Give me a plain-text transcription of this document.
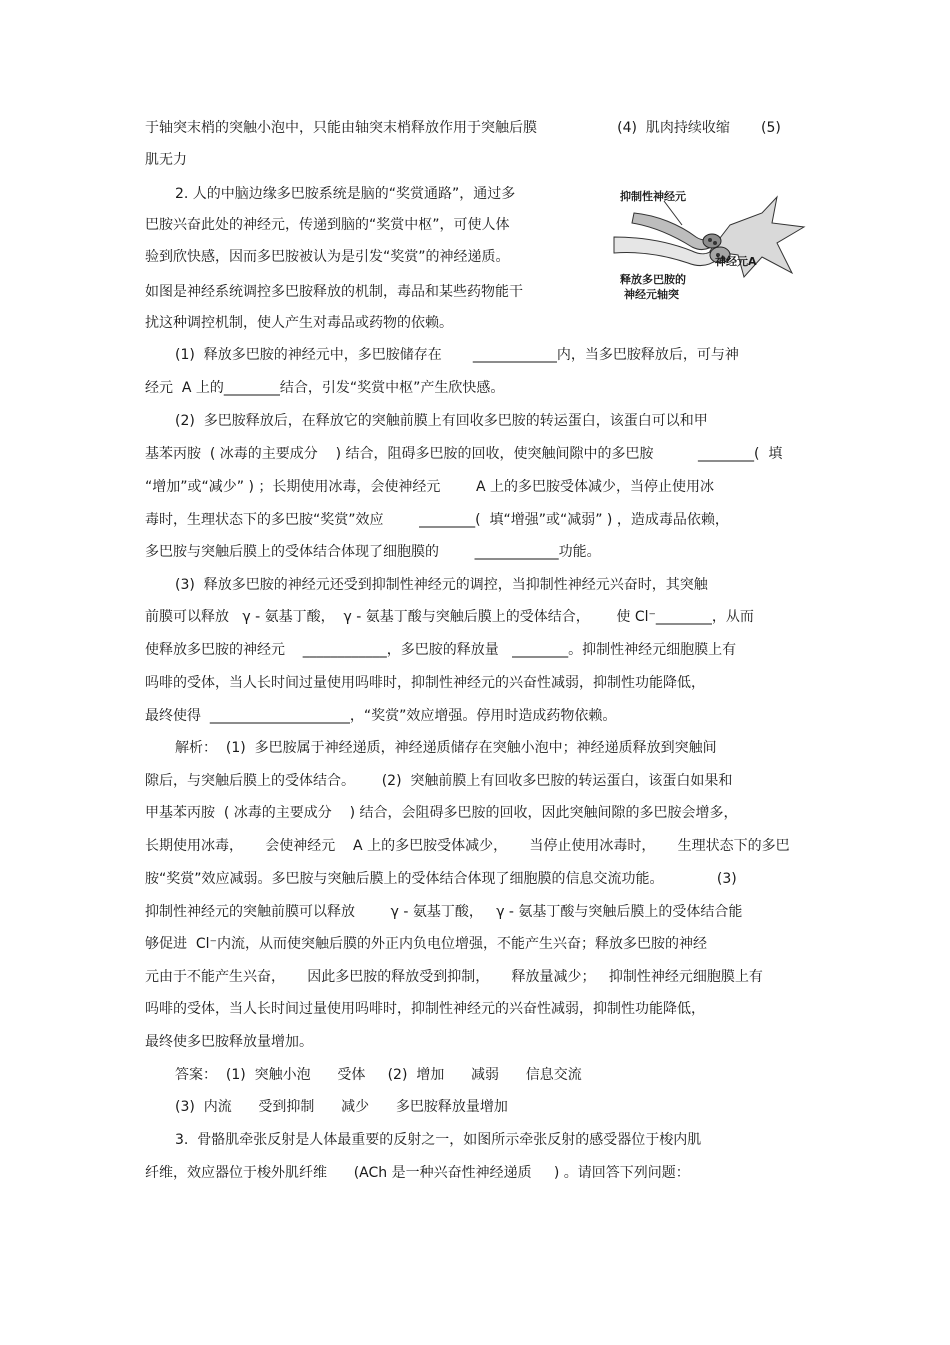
于轴突末梢的突触小泡中，只能由轴突末梢释放作用于突触后膜                  (4)  肌肉持续收缩       (5)
肌无力
2. 人的中脑边缘多巴胺系统是脑的“奖赏通路”，通过多
巴胺兴奋此处的神经元，传递到脑的“奖赏中枢”，可使人体
验到欣快感，因而多巴胺被认为是引发“奖赏”的神经递质。
如图是神经系统调控多巴胺释放的机制，毒品和某些药物能干
扰这种调控机制，使人产生对毒品或药物的依赖。
(1)  释放多巴胺的神经元中，多巴胺储存在       ____________内，当多巴胺释放后，可与神
经元  A 上的________结合，引发“奖赏中枢”产生欣快感。
(2)  多巴胺释放后，在释放它的突触前膜上有回收多巴胺的转运蛋白，该蛋白可以和甲
基苯丙胺  ( 冰毒的主要成分    ) 结合，阻碍多巴胺的回收，使突触间隙中的多巴胺          ________(  填
“增加”或“减少” ) ；长期使用冰毒，会使神经元        A 上的多巴胺受体减少，当停止使用冰
毒时，生理状态下的多巴胺“奖赏”效应        ________(  填“增强”或“减弱” ) ，造成毒品依赖，
多巴胺与突触后膜上的受体结合体现了细胞膜的        ____________功能。
(3)  释放多巴胺的神经元还受到抑制性神经元的调控，当抑制性神经元兴奋时，其突触
前膜可以释放   γ - 氨基丁酸，  γ - 氨基丁酸与突触后膜上的受体结合，      使 Cl⁻________，从而
使释放多巴胺的神经元    ____________，多巴胺的释放量   ________。抑制性神经元细胞膜上有
吗啡的受体，当人长时间过量使用吗啡时，抑制性神经元的兴奋性减弱，抑制性功能降低，
最终使得  ____________________，“奖赏”效应增强。停用时造成药物依赖。
解析：  (1)  多巴胺属于神经递质，神经递质储存在突触小泡中；神经递质释放到突触间
隙后，与突触后膜上的受体结合。      (2)  突触前膜上有回收多巴胺的转运蛋白，该蛋白如果和
甲基苯丙胺  ( 冰毒的主要成分    ) 结合，会阻碍多巴胺的回收，因此突触间隙的多巴胺会增多，
长期使用冰毒，     会使神经元    A 上的多巴胺受体减少，     当停止使用冰毒时，     生理状态下的多巴
胺“奖赏”效应减弱。多巴胺与突触后膜上的受体结合体现了细胞膜的信息交流功能。            (3)
抑制性神经元的突触前膜可以释放        γ - 氨基丁酸，   γ - 氨基丁酸与突触后膜上的受体结合能
够促进  Cl⁻内流，从而使突触后膜的外正内负电位增强，不能产生兴奋；释放多巴胺的神经
元由于不能产生兴奋，     因此多巴胺的释放受到抑制，     释放量减少；   抑制性神经元细胞膜上有
吗啡的受体，当人长时间过量使用吗啡时，抑制性神经元的兴奋性减弱，抑制性功能降低，
最终使多巴胺释放量增加。
答案：  (1)  突触小泡      受体     (2)  增加      减弱      信息交流
(3)  内流      受到抑制      减少      多巴胺释放量增加
3.  骨骼肌牵张反射是人体最重要的反射之一，如图所示牵张反射的感受器位于梭内肌
纤维，效应器位于梭外肌纤维      (ACh 是一种兴奋性神经递质     ) 。请回答下列问题：
抑制性神经元
神经元A
释放多巴胺的
神经元轴突
